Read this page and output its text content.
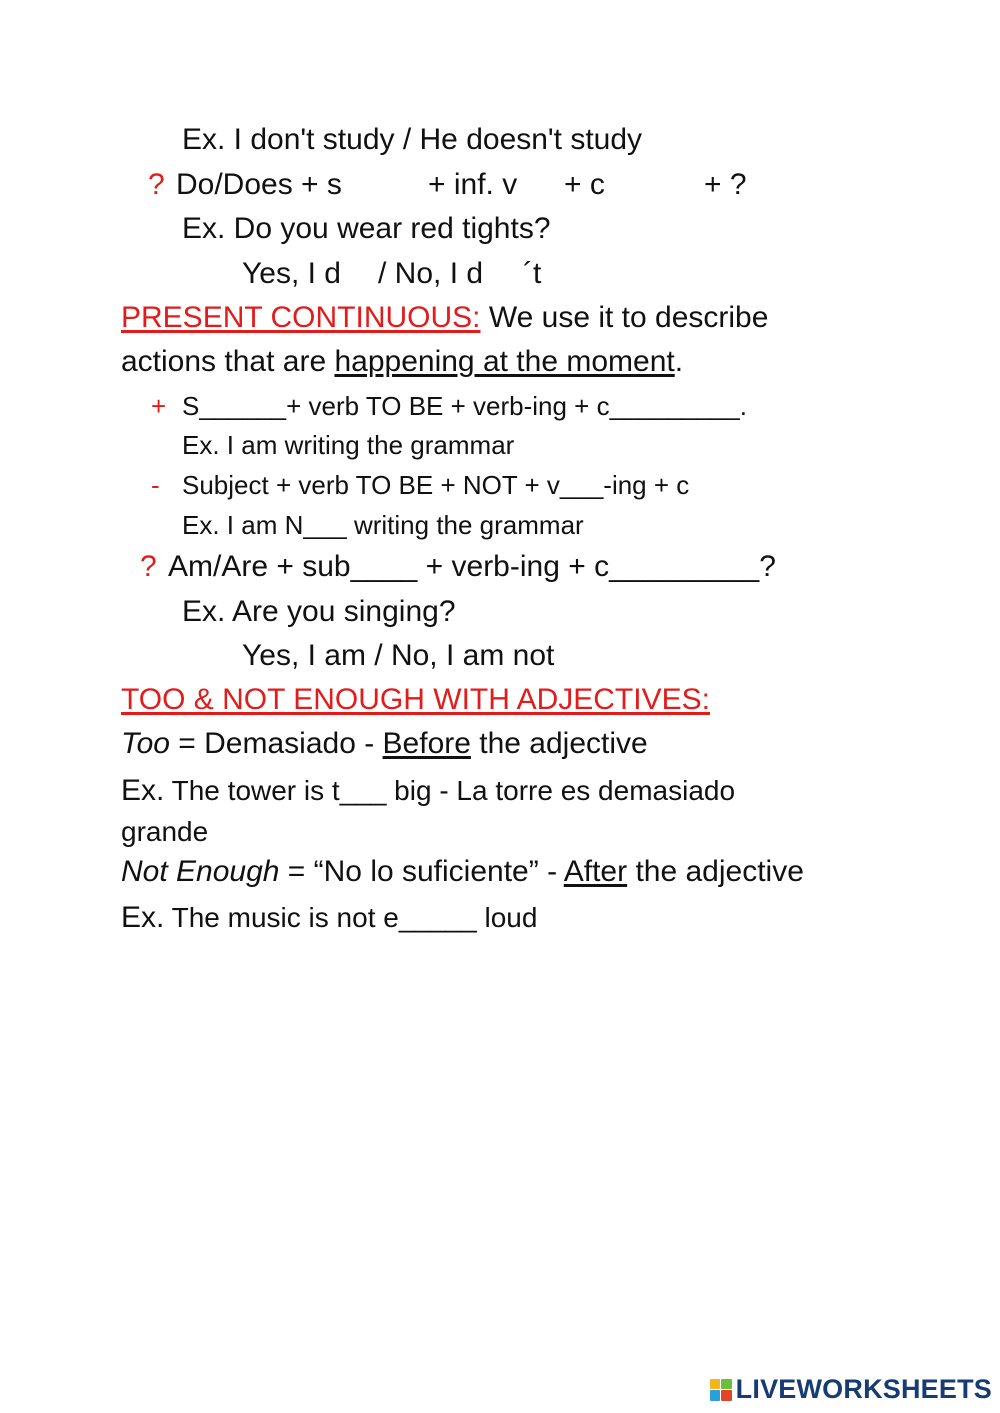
Ex. I don't study / He doesn't study
? Do/Does + s	+ inf. v + c	+ ?
Ex. Do you wear red tights?
Yes, I d / No, I d ´t
PRESENT CONTINUOUS: We use it to describe
actions that are happening at the moment.
+ S______+ verb TO BE + verb-ing + c_________.
Ex. I am writing the grammar
- Subject + verb TO BE + NOT + v___-ing + c
Ex. I am N___ writing the grammar
? Am/Are + sub____ + verb-ing + c_________?
Ex. Are you singing?
Yes, I am / No, I am not
TOO & NOT ENOUGH WITH ADJECTIVES:
Too = Demasiado - Before the adjective
Ex. The tower is t___ big - La torre es demasiado
grande
Not Enough = “No lo suficiente” - After the adjective
Ex. The music is not e_____ loud
LIVEWORKSHEETS
